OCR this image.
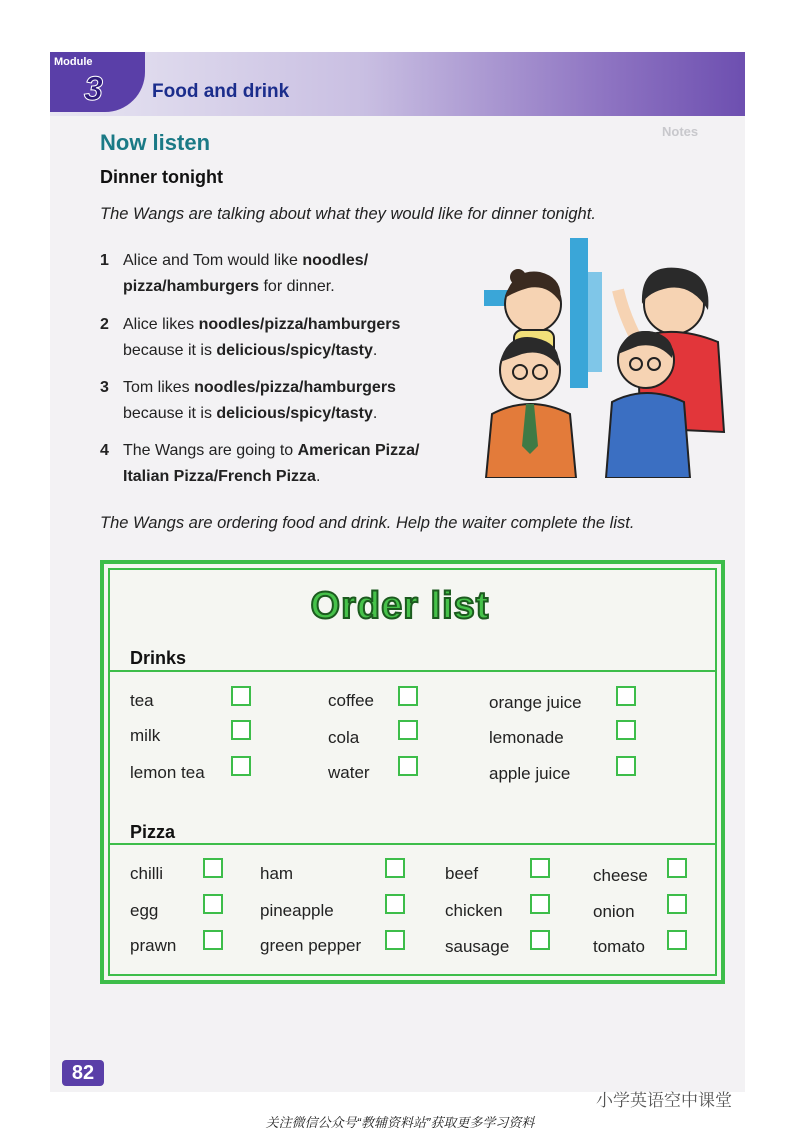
Module
3	Food and drink
Notes
Now listen
Dinner tonight
The Wangs are talking about what they would like for dinner tonight.
1 Alice and Tom would like noodles/
pizza/hamburgers for dinner.
2 Alice likes noodles/pizza/hamburgers
because it is delicious/spicy/tasty.
3 Tom likes noodles/pizza/hamburgers
because it is delicious/spicy/tasty.
4 The Wangs are going to American Pizza/
Italian Pizza/French Pizza.
The Wangs are ordering food and drink. Help the waiter complete the list.
Order list
Drinks
tea	coffee	orange juice
milk	cola	lemonade
lemon tea	water	apple juice
Pizza
chilli	ham	beef	cheese
egg	pineapple	chicken	onion
prawn	green pepper	sausage	tomato
82
小学英语空中课堂
关注微信公众号“教辅资料站”获取更多学习资料
